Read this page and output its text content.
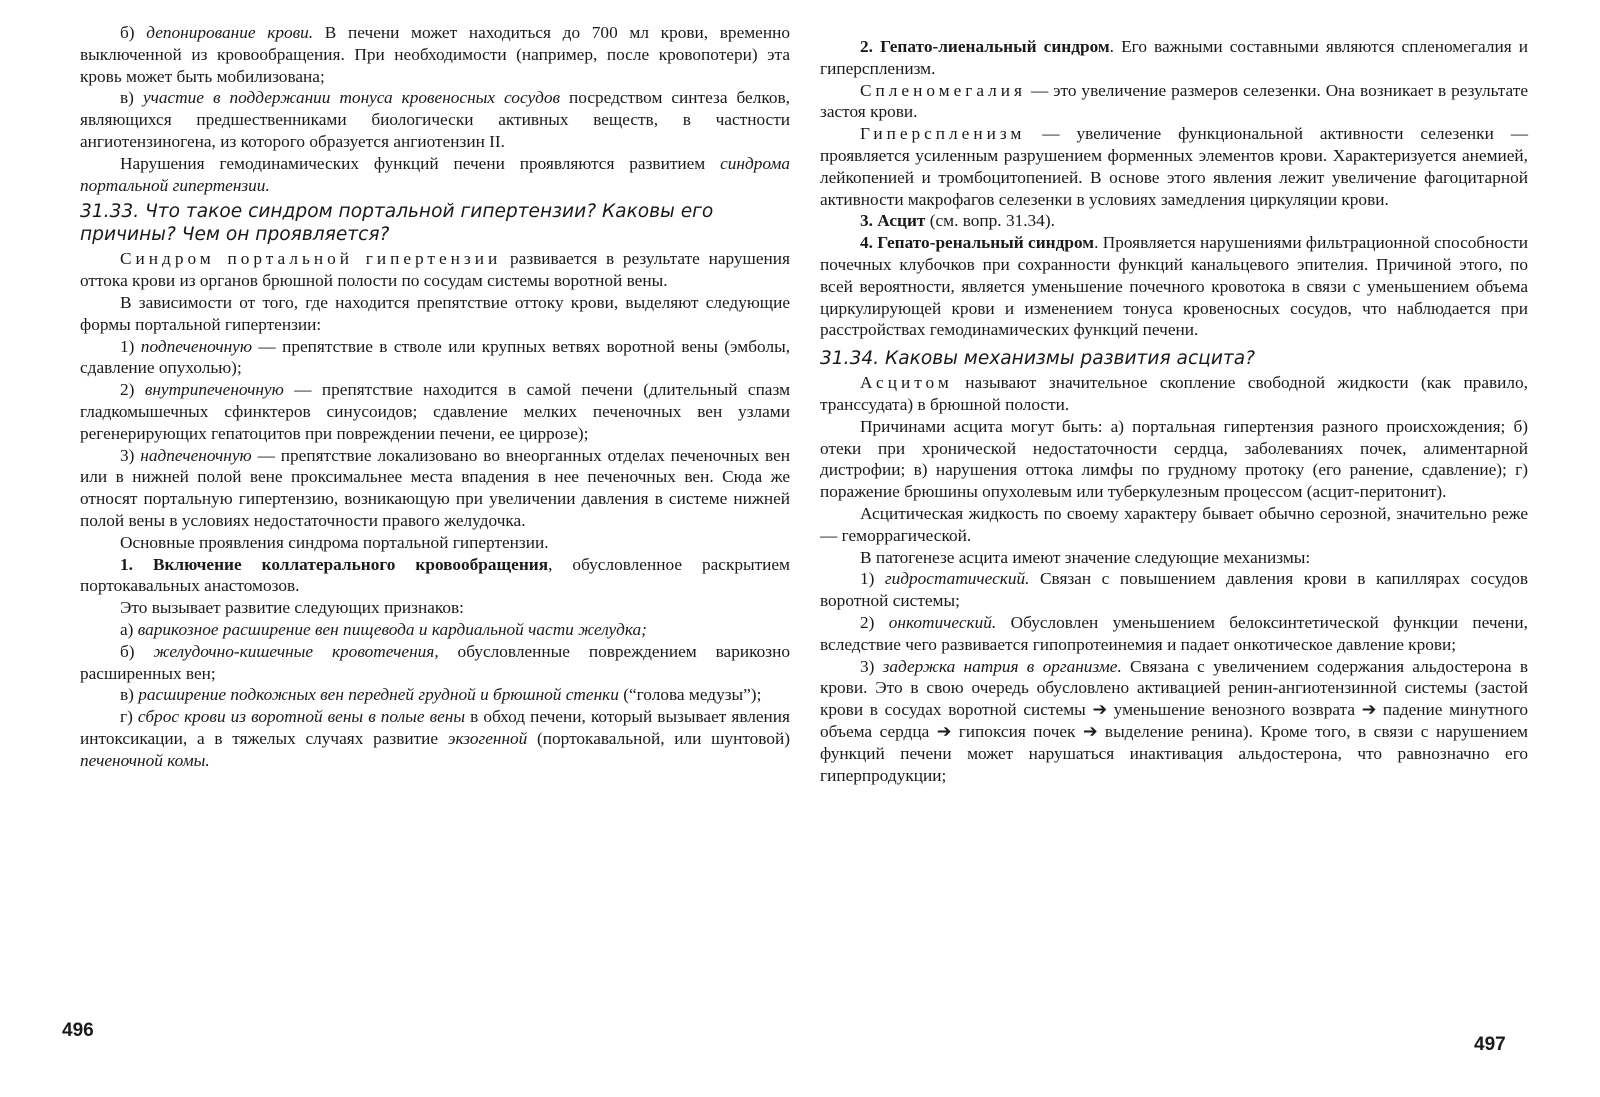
б) депонирование крови. В печени может находиться до 700 мл крови, временно выключенной из кровообращения. При необходимости (например, после кровопотери) эта кровь может быть мобилизована;

в) участие в поддержании тонуса кровеносных сосудов посредством синтеза белков, являющихся предшественниками биологически активных веществ, в частности ангиотензиногена, из которого образуется ангиотензин II.

Нарушения гемодинамических функций печени проявляются развитием синдрома портальной гипертензии.

31.33. Что такое синдром портальной гипертензии? Каковы его причины? Чем он проявляется?

Синдром портальной гипертензии развивается в результате нарушения оттока крови из органов брюшной полости по сосудам системы воротной вены.

В зависимости от того, где находится препятствие оттоку крови, выделяют следующие формы портальной гипертензии:

1) подпеченочную — препятствие в стволе или крупных ветвях воротной вены (эмболы, сдавление опухолью);

2) внутрипеченочную — препятствие находится в самой печени (длительный спазм гладкомышечных сфинктеров синусоидов; сдавление мелких печеночных вен узлами регенерирующих гепатоцитов при повреждении печени, ее циррозе);

3) надпеченочную — препятствие локализовано во внеорганных отделах печеночных вен или в нижней полой вене проксимальнее места впадения в нее печеночных вен. Сюда же относят портальную гипертензию, возникающую при увеличении давления в системе нижней полой вены в условиях недостаточности правого желудочка.

Основные проявления синдрома портальной гипертензии.

1. Включение коллатерального кровообращения, обусловленное раскрытием портокавальных анастомозов.

Это вызывает развитие следующих признаков:

а) варикозное расширение вен пищевода и кардиальной части желудка;

б) желудочно-кишечные кровотечения, обусловленные повреждением варикозно расширенных вен;

в) расширение подкожных вен передней грудной и брюшной стенки (“голова медузы”);

г) сброс крови из воротной вены в полые вены в обход печени, который вызывает явления интоксикации, а в тяжелых случаях развитие экзогенной (портокавальной, или шунтовой) печеночной комы.

496

2. Гепато-лиенальный синдром. Его важными составными являются спленомегалия и гиперспленизм.

Спленомегалия — это увеличение размеров селезенки. Она возникает в результате застоя крови.

Гиперспленизм — увеличение функциональной активности селезенки — проявляется усиленным разрушением форменных элементов крови. Характеризуется анемией, лейкопенией и тромбоцитопенией. В основе этого явления лежит увеличение фагоцитарной активности макрофагов селезенки в условиях замедления циркуляции крови.

3. Асцит (см. вопр. 31.34).

4. Гепато-ренальный синдром. Проявляется нарушениями фильтрационной способности почечных клубочков при сохранности функций канальцевого эпителия. Причиной этого, по всей вероятности, является уменьшение почечного кровотока в связи с уменьшением объема циркулирующей крови и изменением тонуса кровеносных сосудов, что наблюдается при расстройствах гемодинамических функций печени.

31.34. Каковы механизмы развития асцита?

Асцитом называют значительное скопление свободной жидкости (как правило, транссудата) в брюшной полости.

Причинами асцита могут быть: а) портальная гипертензия разного происхождения; б) отеки при хронической недостаточности сердца, заболеваниях почек, алиментарной дистрофии; в) нарушения оттока лимфы по грудному протоку (его ранение, сдавление); г) поражение брюшины опухолевым или туберкулезным процессом (асцит-перитонит).

Асцитическая жидкость по своему характеру бывает обычно серозной, значительно реже — геморрагической.

В патогенезе асцита имеют значение следующие механизмы:

1) гидростатический. Связан с повышением давления крови в капиллярах сосудов воротной системы;

2) онкотический. Обусловлен уменьшением белоксинтетической функции печени, вследствие чего развивается гипопротеинемия и падает онкотическое давление крови;

3) задержка натрия в организме. Связана с увеличением содержания альдостерона в крови. Это в свою очередь обусловлено активацией ренин-ангиотензинной системы (застой крови в сосудах воротной системы ➔ уменьшение венозного возврата ➔ падение минутного объема сердца ➔ гипоксия почек ➔ выделение ренина). Кроме того, в связи с нарушением функций печени может нарушаться инактивация альдостерона, что равнозначно его гиперпродукции;

497
